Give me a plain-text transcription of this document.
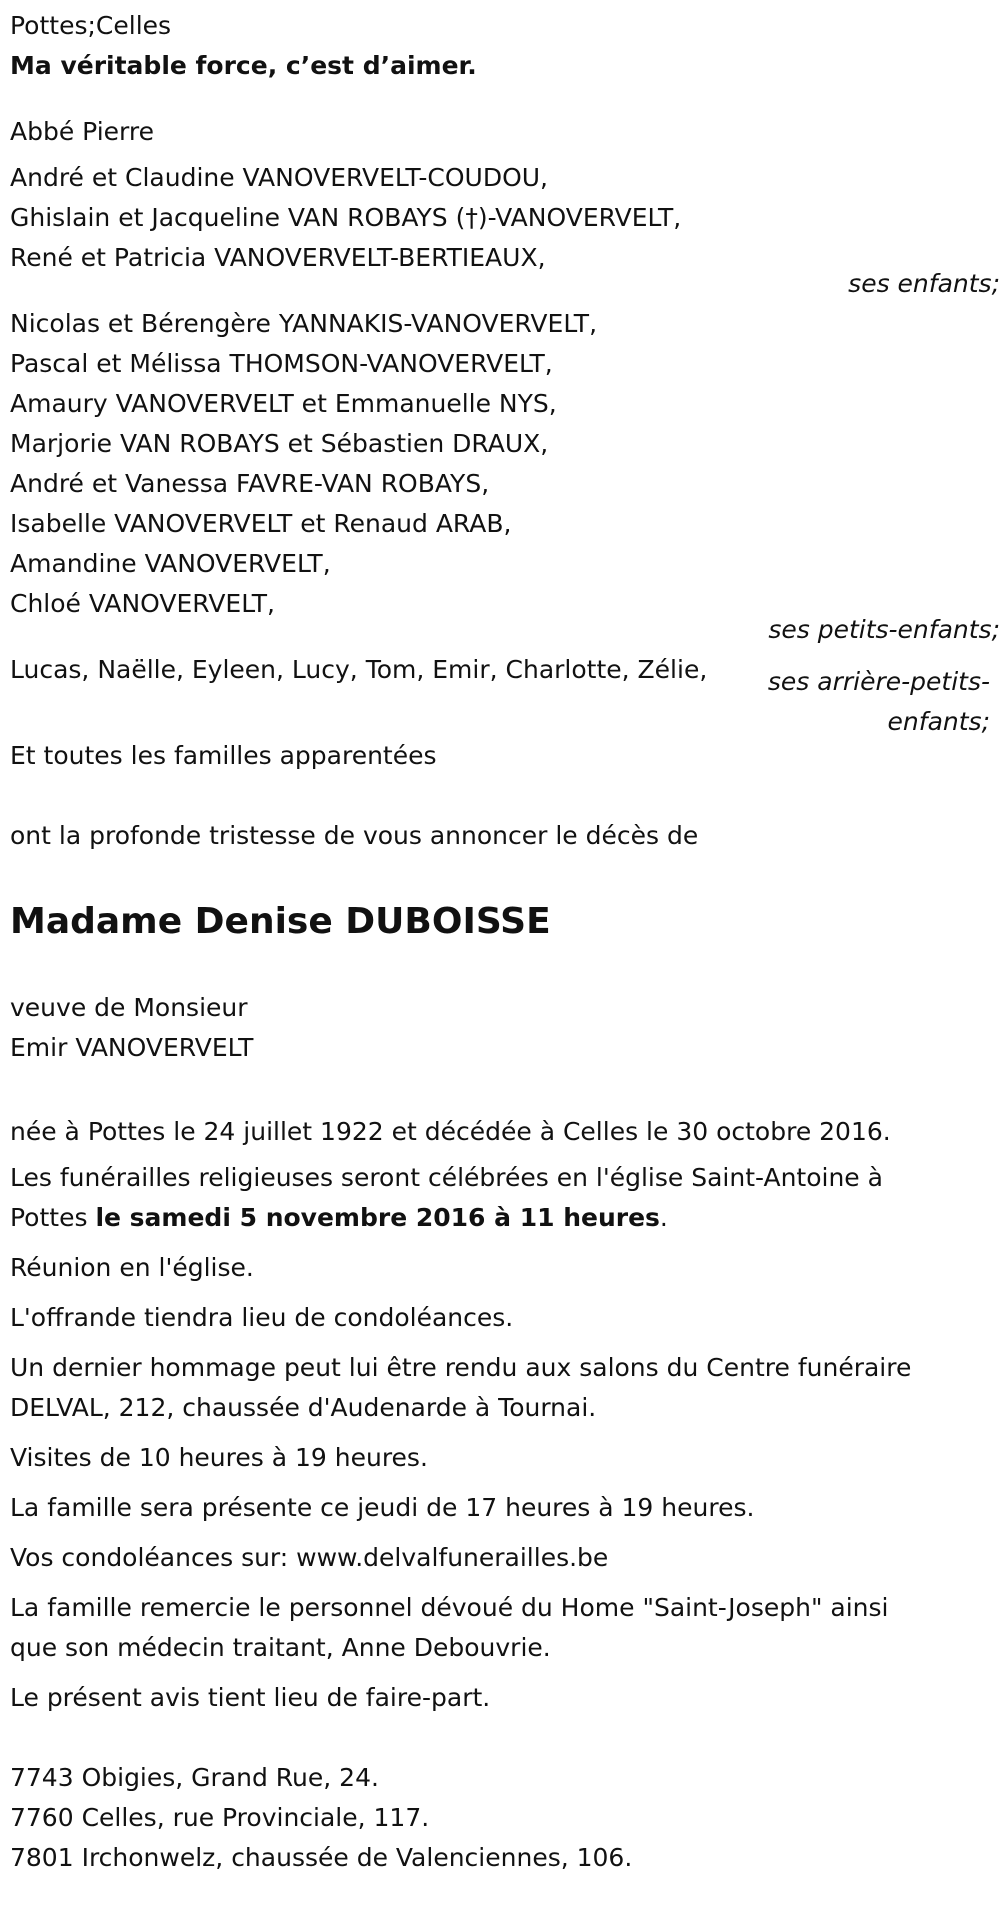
Pottes;Celles

Ma véritable force, c’est d’aimer.

Abbé Pierre

André et Claudine VANOVERVELT-COUDOU,
Ghislain et Jacqueline VAN ROBAYS (†)-VANOVERVELT,
René et Patricia VANOVERVELT-BERTIEAUX,
ses enfants;
Nicolas et Bérengère YANNAKIS-VANOVERVELT,
Pascal et Mélissa THOMSON-VANOVERVELT,
Amaury VANOVERVELT et Emmanuelle NYS,
Marjorie VAN ROBAYS et Sébastien DRAUX,
André et Vanessa FAVRE-VAN ROBAYS,
Isabelle VANOVERVELT et Renaud ARAB,
Amandine VANOVERVELT,
Chloé VANOVERVELT,
ses petits-enfants;
Lucas, Naëlle, Eyleen, Lucy, Tom, Emir, Charlotte, Zélie,	ses arrière-petits-
enfants;

Et toutes les familles apparentées

ont la profonde tristesse de vous annoncer le décès de

Madame Denise DUBOISSE

veuve de Monsieur
Emir VANOVERVELT

née à Pottes le 24 juillet 1922 et décédée à Celles le 30 octobre 2016.

Les funérailles religieuses seront célébrées en l'église Saint-Antoine à
Pottes le samedi 5 novembre 2016 à 11 heures.

Réunion en l'église.

L'offrande tiendra lieu de condoléances.

Un dernier hommage peut lui être rendu aux salons du Centre funéraire
DELVAL, 212, chaussée d'Audenarde à Tournai.

Visites de 10 heures à 19 heures.

La famille sera présente ce jeudi de 17 heures à 19 heures.

Vos condoléances sur: www.delvalfunerailles.be

La famille remercie le personnel dévoué du Home "Saint-Joseph" ainsi
que son médecin traitant, Anne Debouvrie.

Le présent avis tient lieu de faire-part.

7743 Obigies, Grand Rue, 24.
7760 Celles, rue Provinciale, 117.
7801 Irchonwelz, chaussée de Valenciennes, 106.
